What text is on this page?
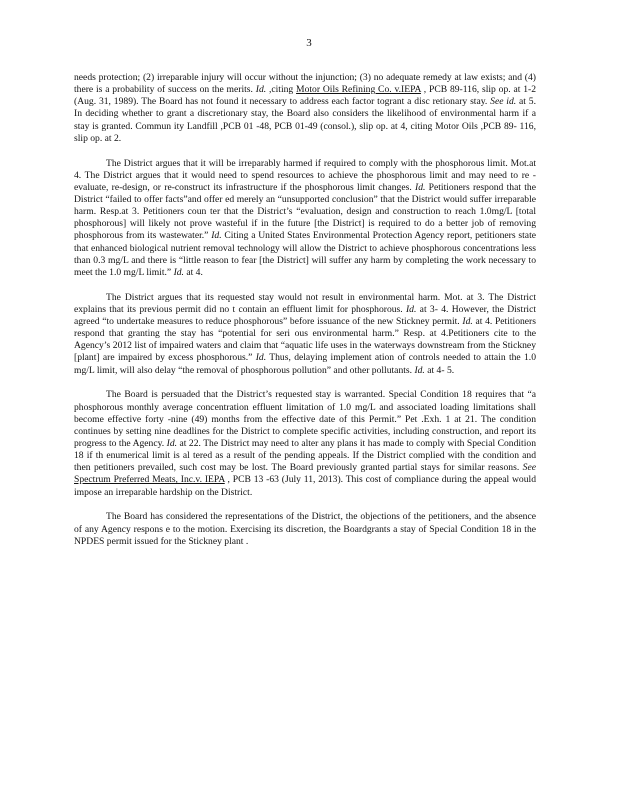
3

needs protection; (2) irreparable injury will occur without the injunction; (3) no adequate remedy at law exists; and (4) there is a probability of success on the merits. Id. ,citing Motor Oils Refining Co. v.IEPA , PCB 89-116, slip op. at 1-2 (Aug. 31, 1989). The Board has not found it necessary to address each factor togrant a disc retionary stay. See id. at 5. In deciding whether to grant a discretionary stay, the Board also considers the likelihood of environmental harm if a stay is granted. Commun ity Landfill ,PCB 01 -48, PCB 01-49 (consol.), slip op. at 4, citing Motor Oils ,PCB 89- 116, slip op. at 2.

The District argues that it will be irreparably harmed if required to comply with the phosphorous limit. Mot.at 4. The District argues that it would need to spend resources to achieve the phosphorous limit and may need to re -evaluate, re-design, or re-construct its infrastructure if the phosphorous limit changes. Id. Petitioners respond that the District “failed to offer facts”and offer ed merely an “unsupported conclusion” that the District would suffer irreparable harm. Resp.at 3. Petitioners coun ter that the District’s “evaluation, design and construction to reach 1.0mg/L [total phosphorous] will likely not prove wasteful if in the future [the District] is required to do a better job of removing phosphorous from its wastewater.” Id. Citing a United States Environmental Protection Agency report, petitioners state that enhanced biological nutrient removal technology will allow the District to achieve phosphorous concentrations less than 0.3 mg/L and there is “little reason to fear [the District] will suffer any harm by completing the work necessary to meet the 1.0 mg/L limit.” Id. at 4.

The District argues that its requested stay would not result in environmental harm. Mot. at 3. The District explains that its previous permit did no t contain an effluent limit for phosphorous. Id. at 3- 4. However, the District agreed “to undertake measures to reduce phosphorous” before issuance of the new Stickney permit. Id. at 4. Petitioners respond that granting the stay has “potential for seri ous environmental harm.” Resp. at 4.Petitioners cite to the Agency’s 2012 list of impaired waters and claim that “aquatic life uses in the waterways downstream from the Stickney [plant] are impaired by excess phosphorous.” Id. Thus, delaying implement ation of controls needed to attain the 1.0 mg/L limit, will also delay “the removal of phosphorous pollution” and other pollutants. Id. at 4- 5.

The Board is persuaded that the District’s requested stay is warranted. Special Condition 18 requires that “a phosphorous monthly average concentration effluent limitation of 1.0 mg/L and associated loading limitations shall become effective forty -nine (49) months from the effective date of this Permit.” Pet .Exh. 1 at 21. The condition continues by setting nine deadlines for the District to complete specific activities, including construction, and report its progress to the Agency. Id. at 22. The District may need to alter any plans it has made to comply with Special Condition 18 if th enumerical limit is al tered as a result of the pending appeals. If the District complied with the condition and then petitioners prevailed, such cost may be lost. The Board previously granted partial stays for similar reasons. See Spectrum Preferred Meats, Inc.v. IEPA , PCB 13 -63 (July 11, 2013). This cost of compliance during the appeal would impose an irreparable hardship on the District.

The Board has considered the representations of the District, the objections of the petitioners, and the absence of any Agency respons e to the motion. Exercising its discretion, the Boardgrants a stay of Special Condition 18 in the NPDES permit issued for the Stickney plant .
